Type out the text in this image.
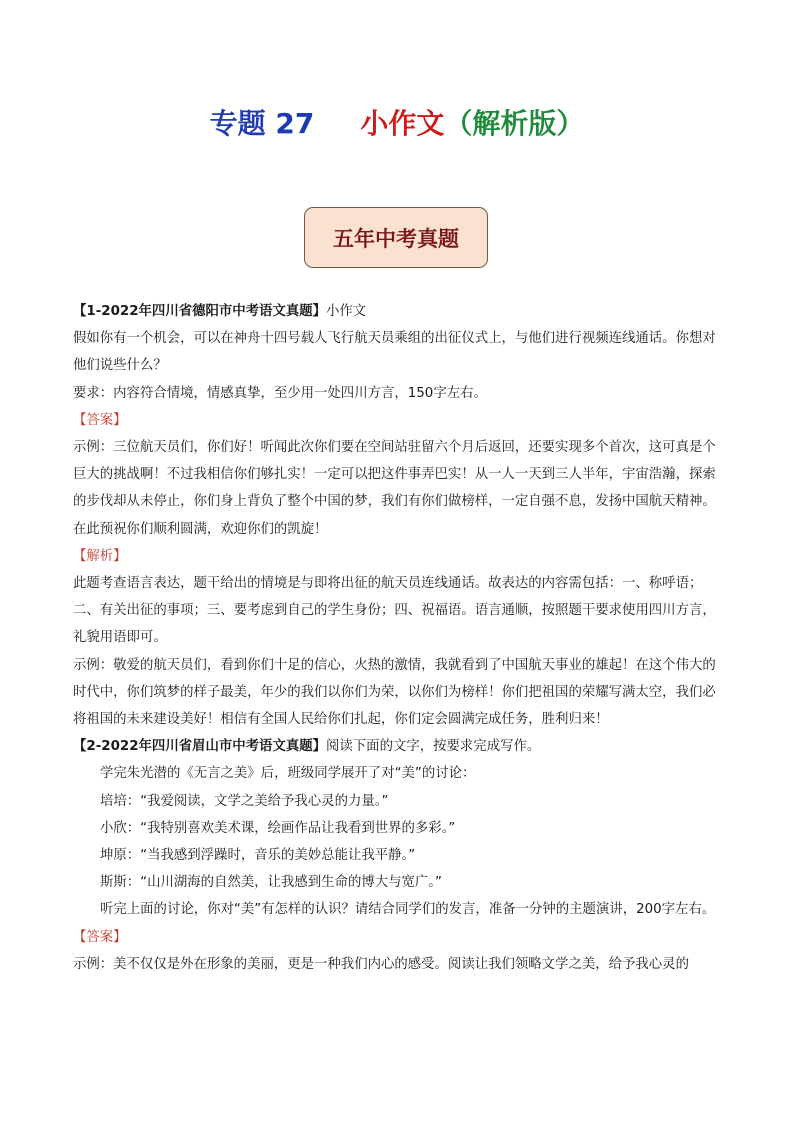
专题 27 小作文（解析版）
五年中考真题

【1-2022年四川省德阳市中考语文真题】小作文

假如你有一个机会，可以在神舟十四号载人飞行航天员乘组的出征仪式上，与他们进行视频连线通话。你想对他们说些什么？

要求：内容符合情境，情感真挚，至少用一处四川方言，150字左右。

【答案】

示例：三位航天员们，你们好！听闻此次你们要在空间站驻留六个月后返回，还要实现多个首次，这可真是个巨大的挑战啊！不过我相信你们够扎实！一定可以把这件事弄巴实！从一人一天到三人半年，宇宙浩瀚，探索的步伐却从未停止，你们身上背负了整个中国的梦，我们有你们做榜样，一定自强不息，发扬中国航天精神。在此预祝你们顺利圆满，欢迎你们的凯旋！

【解析】

此题考查语言表达，题干给出的情境是与即将出征的航天员连线通话。故表达的内容需包括：一、称呼语；二、有关出征的事项；三、要考虑到自己的学生身份；四、祝福语。语言通顺，按照题干要求使用四川方言，礼貌用语即可。

示例：敬爱的航天员们，看到你们十足的信心，火热的激情，我就看到了中国航天事业的雄起！在这个伟大的时代中，你们筑梦的样子最美，年少的我们以你们为荣，以你们为榜样！你们把祖国的荣耀写满太空，我们必将祖国的未来建设美好！相信有全国人民给你们扎起，你们定会圆满完成任务，胜利归来！

【2-2022年四川省眉山市中考语文真题】阅读下面的文字，按要求完成写作。

学完朱光潜的《无言之美》后，班级同学展开了对“美”的讨论：

培培：“我爱阅读，文学之美给予我心灵的力量。”

小欣：“我特别喜欢美术课，绘画作品让我看到世界的多彩。”

坤原：“当我感到浮躁时，音乐的美妙总能让我平静。”

斯斯：“山川湖海的自然美，让我感到生命的博大与宽广。”

听完上面的讨论，你对“美”有怎样的认识？请结合同学们的发言，准备一分钟的主题演讲，200字左右。

【答案】

示例：美不仅仅是外在形象的美丽，更是一种我们内心的感受。阅读让我们领略文学之美，给予我心灵的
